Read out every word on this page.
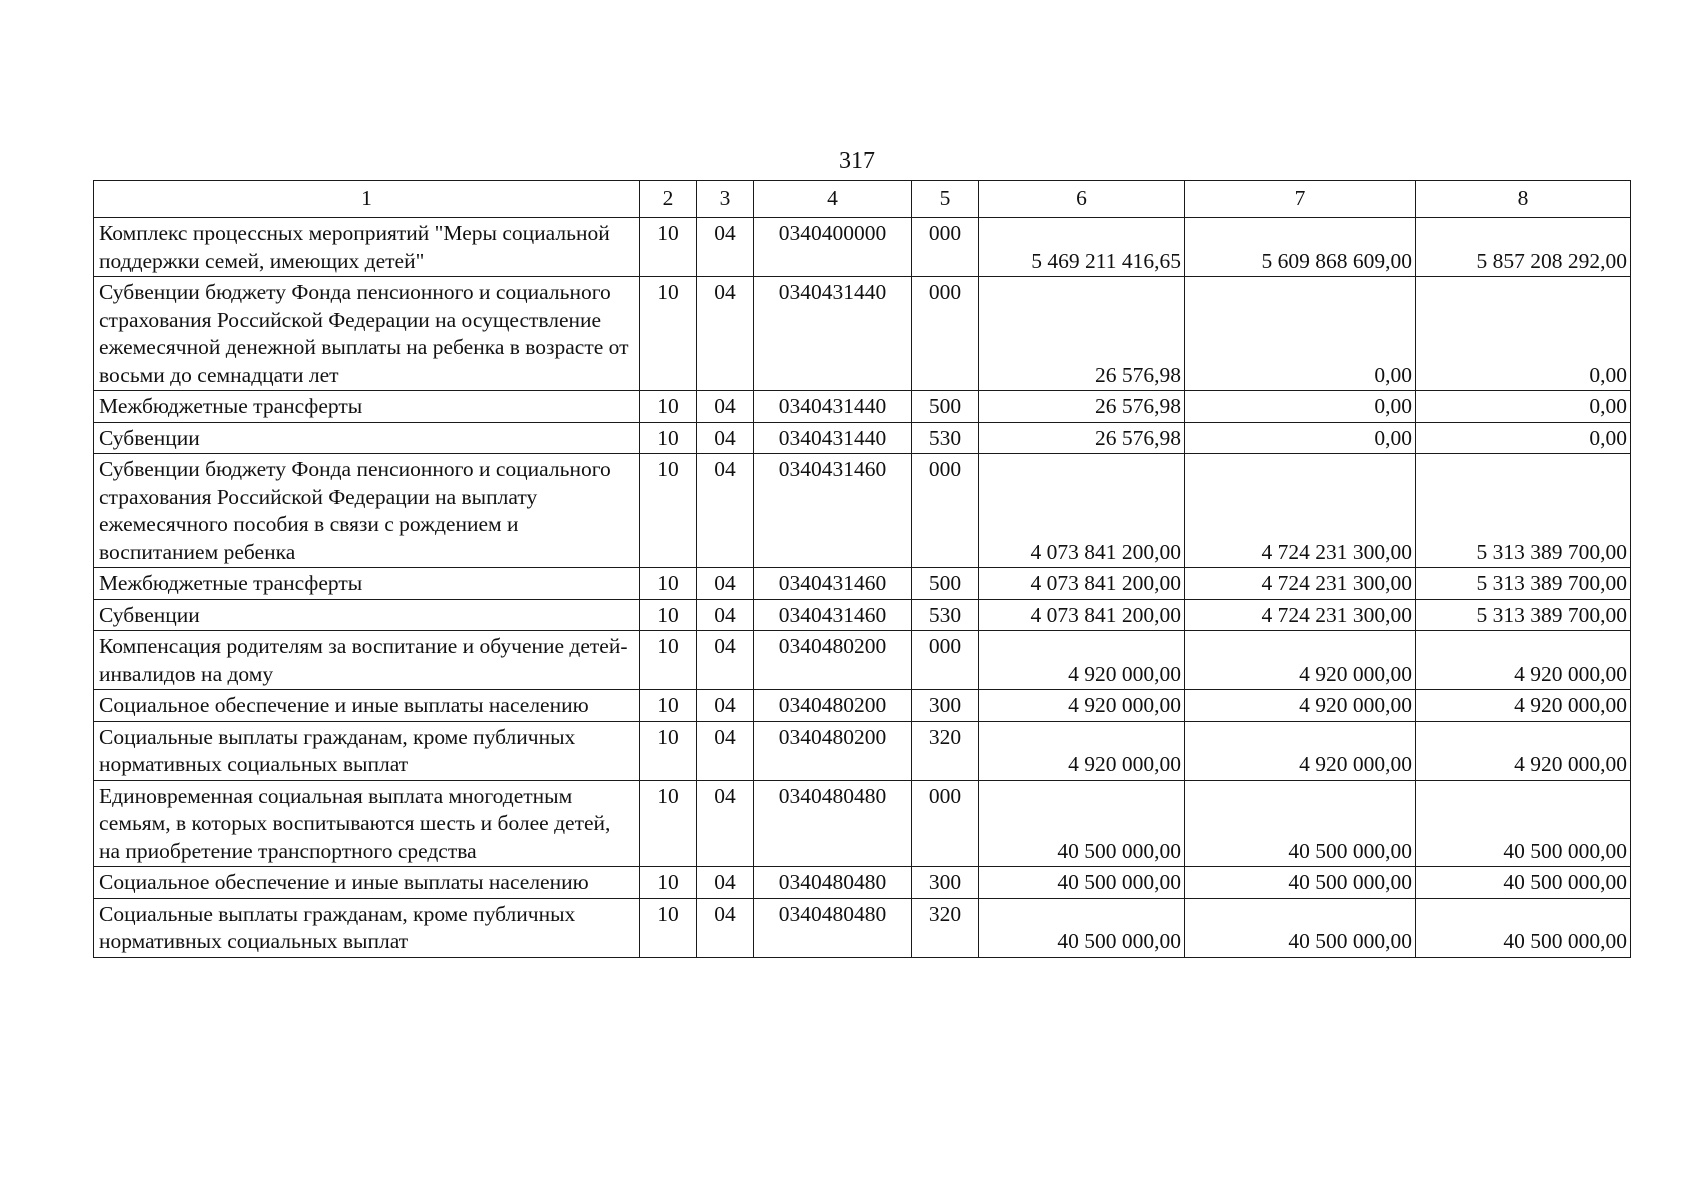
317
1	2	3	4	5	6	7	8
Комплекс процессных мероприятий "Меры социальной поддержки семей, имеющих детей"	10	04	0340400000	000	5 469 211 416,65	5 609 868 609,00	5 857 208 292,00
Субвенции бюджету Фонда пенсионного и социального страхования Российской Федерации на осуществление ежемесячной денежной выплаты на ребенка в возрасте от восьми до семнадцати лет	10	04	0340431440	000	26 576,98	0,00	0,00
Межбюджетные трансферты	10	04	0340431440	500	26 576,98	0,00	0,00
Субвенции	10	04	0340431440	530	26 576,98	0,00	0,00
Субвенции бюджету Фонда пенсионного и социального страхования Российской Федерации на выплату ежемесячного пособия в связи с рождением и воспитанием ребенка	10	04	0340431460	000	4 073 841 200,00	4 724 231 300,00	5 313 389 700,00
Межбюджетные трансферты	10	04	0340431460	500	4 073 841 200,00	4 724 231 300,00	5 313 389 700,00
Субвенции	10	04	0340431460	530	4 073 841 200,00	4 724 231 300,00	5 313 389 700,00
Компенсация родителям за воспитание и обучение детей-инвалидов на дому	10	04	0340480200	000	4 920 000,00	4 920 000,00	4 920 000,00
Социальное обеспечение и иные выплаты населению	10	04	0340480200	300	4 920 000,00	4 920 000,00	4 920 000,00
Социальные выплаты гражданам, кроме публичных нормативных социальных выплат	10	04	0340480200	320	4 920 000,00	4 920 000,00	4 920 000,00
Единовременная социальная выплата многодетным семьям, в которых воспитываются шесть и более детей, на приобретение транспортного средства	10	04	0340480480	000	40 500 000,00	40 500 000,00	40 500 000,00
Социальное обеспечение и иные выплаты населению	10	04	0340480480	300	40 500 000,00	40 500 000,00	40 500 000,00
Социальные выплаты гражданам, кроме публичных нормативных социальных выплат	10	04	0340480480	320	40 500 000,00	40 500 000,00	40 500 000,00
